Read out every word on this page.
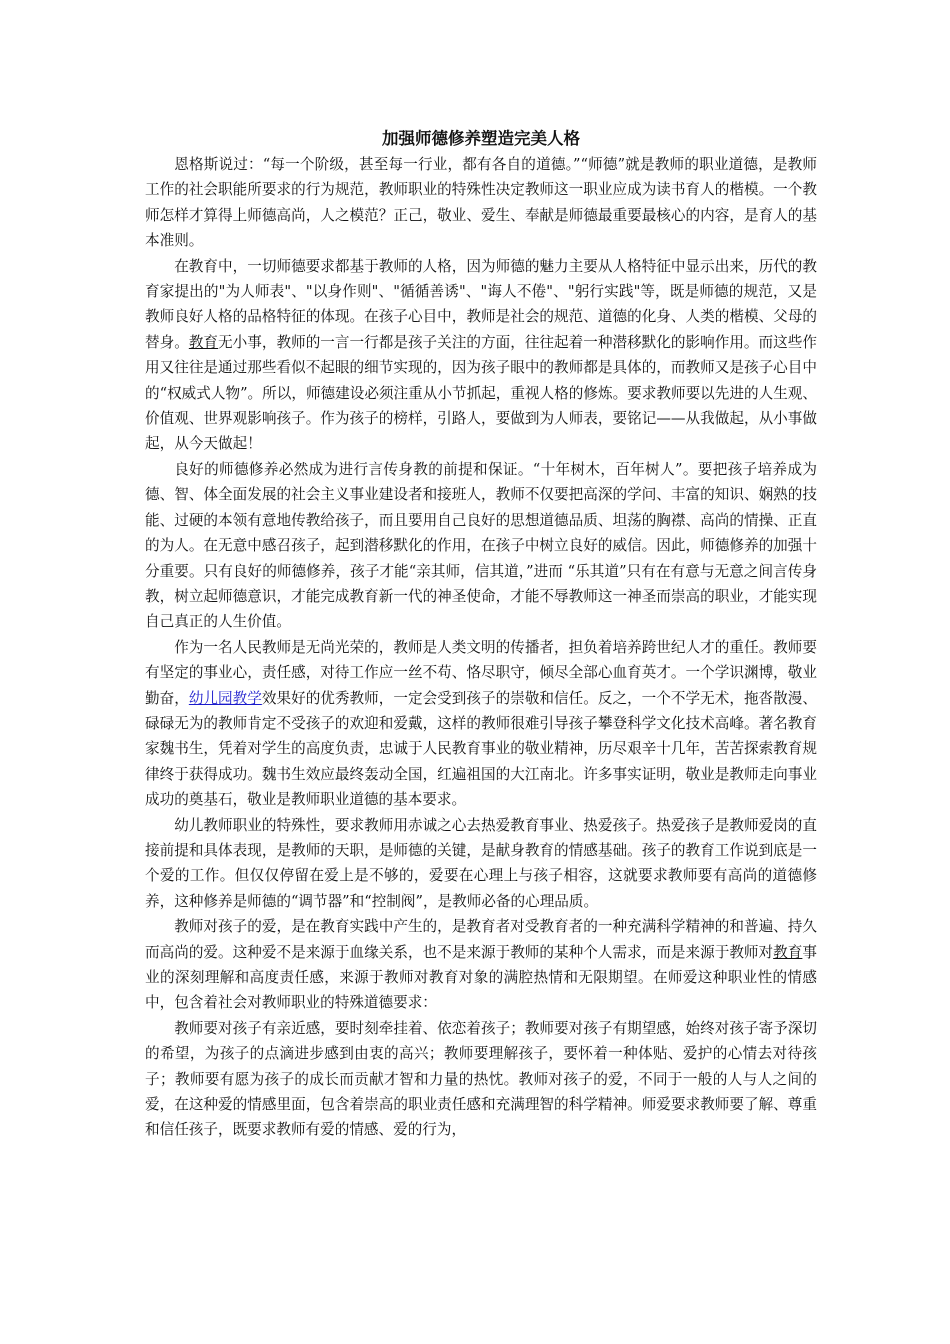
加强师德修养塑造完美人格

恩格斯说过：“每一个阶级，甚至每一行业，都有各自的道德。”“师德”就是教师的职业道德，是教师工作的社会职能所要求的行为规范，教师职业的特殊性决定教师这一职业应成为读书育人的楷模。一个教师怎样才算得上师德高尚，人之模范？正己，敬业、爱生、奉献是师德最重要最核心的内容，是育人的基本准则。

在教育中，一切师德要求都基于教师的人格，因为师德的魅力主要从人格特征中显示出来，历代的教育家提出的"为人师表"、"以身作则"、"循循善诱"、"诲人不倦"、"躬行实践"等，既是师德的规范，又是教师良好人格的品格特征的体现。在孩子心目中，教师是社会的规范、道德的化身、人类的楷模、父母的替身。教育无小事，教师的一言一行都是孩子关注的方面，往往起着一种潜移默化的影响作用。而这些作用又往往是通过那些看似不起眼的细节实现的，因为孩子眼中的教师都是具体的，而教师又是孩子心目中的“权威式人物”。所以，师德建设必须注重从小节抓起，重视人格的修炼。要求教师要以先进的人生观、价值观、世界观影响孩子。作为孩子的榜样，引路人，要做到为人师表，要铭记——从我做起，从小事做起，从今天做起！

良好的师德修养必然成为进行言传身教的前提和保证。“十年树木，百年树人”。要把孩子培养成为德、智、体全面发展的社会主义事业建设者和接班人，教师不仅要把高深的学问、丰富的知识、娴熟的技能、过硬的本领有意地传教给孩子，而且要用自己良好的思想道德品质、坦荡的胸襟、高尚的情操、正直的为人。在无意中感召孩子，起到潜移默化的作用，在孩子中树立良好的威信。因此，师德修养的加强十分重要。只有良好的师德修养，孩子才能“亲其师，信其道，”进而 “乐其道”只有在有意与无意之间言传身教，树立起师德意识，才能完成教育新一代的神圣使命，才能不辱教师这一神圣而崇高的职业，才能实现自己真正的人生价值。

作为一名人民教师是无尚光荣的，教师是人类文明的传播者，担负着培养跨世纪人才的重任。教师要有坚定的事业心，责任感，对待工作应一丝不苟、恪尽职守，倾尽全部心血育英才。一个学识渊博，敬业勤奋，幼儿园教学效果好的优秀教师，一定会受到孩子的崇敬和信任。反之，一个不学无术，拖沓散漫、碌碌无为的教师肯定不受孩子的欢迎和爱戴，这样的教师很难引导孩子攀登科学文化技术高峰。著名教育家魏书生，凭着对学生的高度负责，忠诚于人民教育事业的敬业精神，历尽艰辛十几年，苦苦探索教育规律终于获得成功。魏书生效应最终轰动全国，红遍祖国的大江南北。许多事实证明，敬业是教师走向事业成功的奠基石，敬业是教师职业道德的基本要求。

幼儿教师职业的特殊性，要求教师用赤诚之心去热爱教育事业、热爱孩子。热爱孩子是教师爱岗的直接前提和具体表现，是教师的天职，是师德的关键，是献身教育的情感基础。孩子的教育工作说到底是一个爱的工作。但仅仅停留在爱上是不够的，爱要在心理上与孩子相容，这就要求教师要有高尚的道德修养，这种修养是师德的“调节器”和“控制阀”，是教师必备的心理品质。

教师对孩子的爱，是在教育实践中产生的，是教育者对受教育者的一种充满科学精神的和普遍、持久而高尚的爱。这种爱不是来源于血缘关系，也不是来源于教师的某种个人需求，而是来源于教师对教育事业的深刻理解和高度责任感，来源于教师对教育对象的满腔热情和无限期望。在师爱这种职业性的情感中，包含着社会对教师职业的特殊道德要求：

教师要对孩子有亲近感，要时刻牵挂着、依恋着孩子；教师要对孩子有期望感，始终对孩子寄予深切的希望，为孩子的点滴进步感到由衷的高兴；教师要理解孩子，要怀着一种体贴、爱护的心情去对待孩子；教师要有愿为孩子的成长而贡献才智和力量的热忱。教师对孩子的爱，不同于一般的人与人之间的爱，在这种爱的情感里面，包含着崇高的职业责任感和充满理智的科学精神。师爱要求教师要了解、尊重和信任孩子，既要求教师有爱的情感、爱的行为，
